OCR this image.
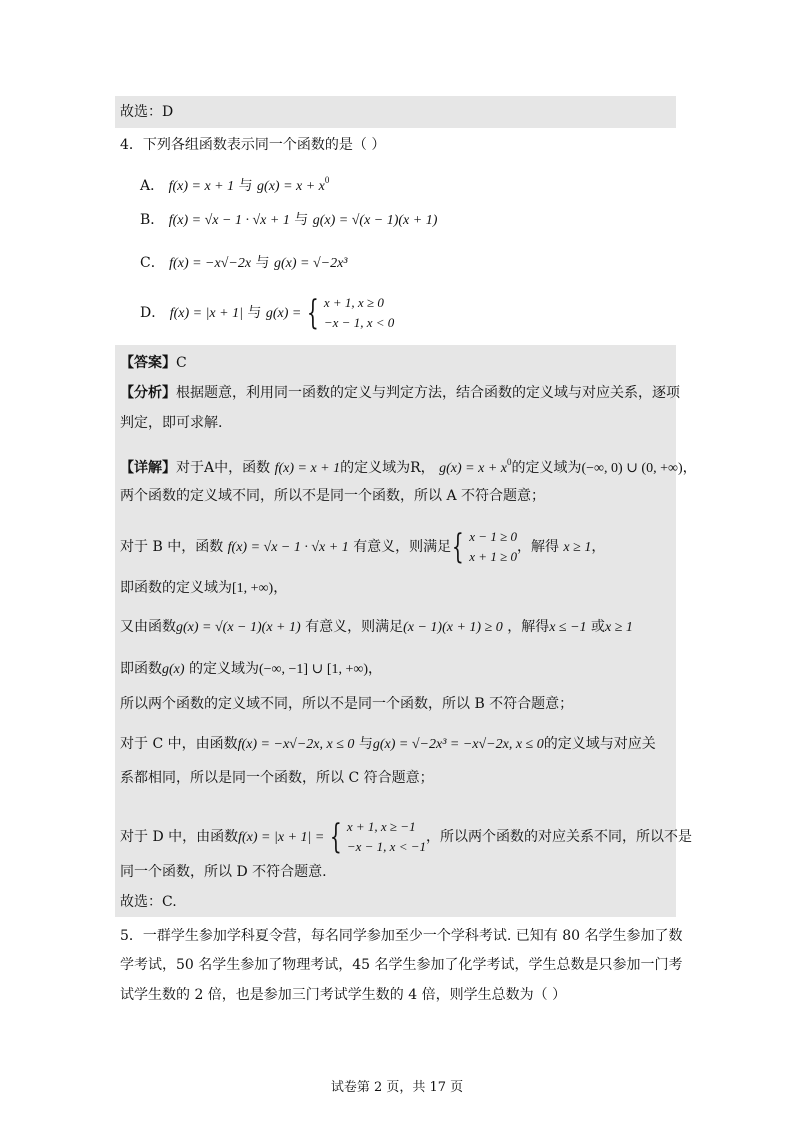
故选：D
4．下列各组函数表示同一个函数的是（ ）
A． f(x) = x + 1 与 $g(x) = x + x^0$
B． f(x) = √x − 1 · √x + 1 与 g(x) = √(x − 1)(x + 1)
C． f(x) = −x√−2x 与 g(x) = √−2x³
D． f(x) = |x + 1| 与 g(x) = { x + 1, x ≥ 0
−x − 1, x < 0
【答案】C
【分析】根据题意，利用同一函数的定义与判定方法，结合函数的定义域与对应关系，逐项
判定，即可求解.
【详解】对于A中，函数 f(x) = x + 1的定义域为R， $g(x) = x + x^0$的定义域为(−∞, 0) ∪ (0, +∞)，
两个函数的定义域不同，所以不是同一个函数，所以 A 不符合题意；
对于 B 中，函数 f(x) = √x − 1 · √x + 1 有意义，则满足{ x − 1 ≥ 0
x + 1 ≥ 0
，解得 x ≥ 1，
即函数的定义域为[1, +∞)，
又由函数g(x) = √(x − 1)(x + 1) 有意义，则满足(x − 1)(x + 1) ≥ 0 ，解得x ≤ −1 或x ≥ 1
即函数g(x) 的定义域为(−∞, −1] ∪ [1, +∞)，
所以两个函数的定义域不同，所以不是同一个函数，所以 B 不符合题意；
对于 C 中，由函数f(x) = −x√−2x, x ≤ 0 与g(x) = √−2x³ = −x√−2x, x ≤ 0的定义域与对应关
系都相同，所以是同一个函数，所以 C 符合题意；
对于 D 中，由函数f(x) = |x + 1| = { x + 1, x ≥ −1
−x − 1, x < −1
，所以两个函数的对应关系不同，所以不是
同一个函数，所以 D 不符合题意.
故选：C.
5．一群学生参加学科夏令营，每名同学参加至少一个学科考试. 已知有 80 名学生参加了数
学考试，50 名学生参加了物理考试，45 名学生参加了化学考试，学生总数是只参加一门考
试学生数的 2 倍，也是参加三门考试学生数的 4 倍，则学生总数为（ ）
试卷第 2 页，共 17 页
